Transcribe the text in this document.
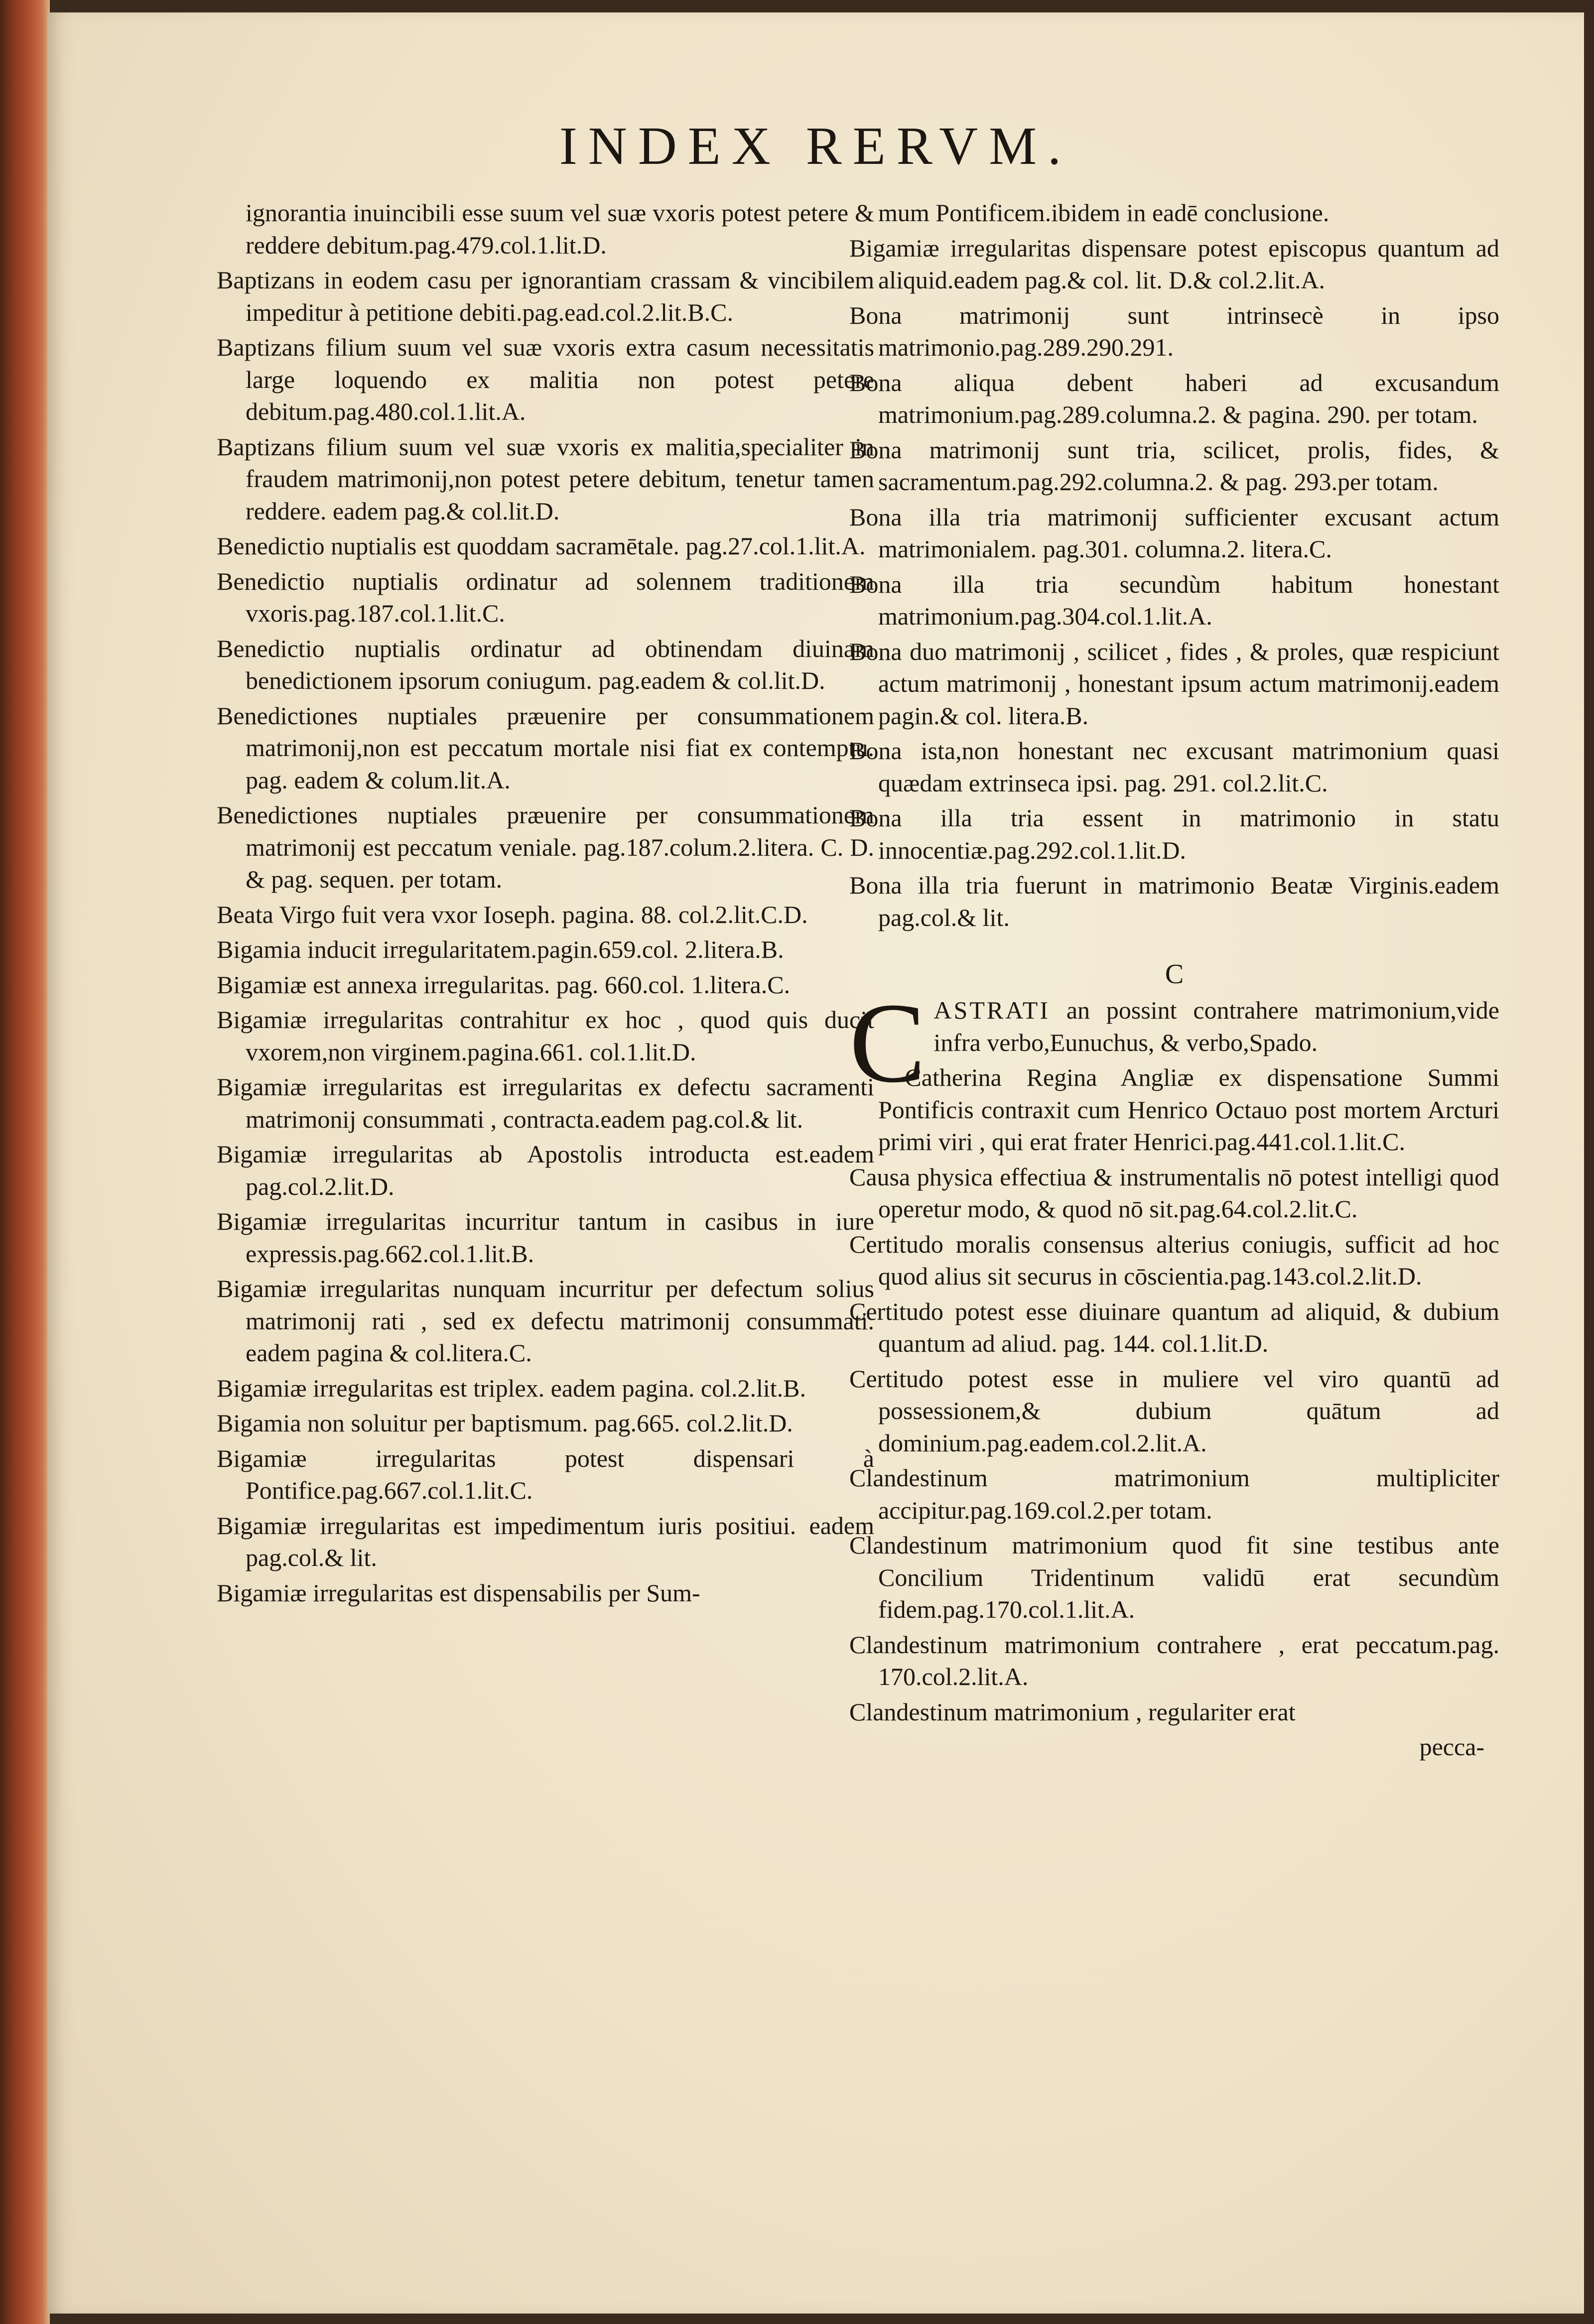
INDEX RERVM.
ignorantia inuincibili esse suum vel suæ vxoris potest petere & reddere debitum.pag.479.col.1.lit.D.
Baptizans in eodem casu per ignorantiam crassam & vincibilem impeditur à petitione debiti.pag.ead.col.2.lit.B.C.
Baptizans filium suum vel suæ vxoris extra casum necessitatis large loquendo ex malitia non potest petere debitum.pag.480.col.1.lit.A.
Baptizans filium suum vel suæ vxoris ex malitia,specialiter in fraudem matrimonij,non potest petere debitum, tenetur tamen reddere. eadem pag.& col.lit.D.
Benedictio nuptialis est quoddam sacramētale. pag.27.col.1.lit.A.
Benedictio nuptialis ordinatur ad solennem traditionem vxoris.pag.187.col.1.lit.C.
Benedictio nuptialis ordinatur ad obtinendam diuinam benedictionem ipsorum coniugum. pag.eadem & col.lit.D.
Benedictiones nuptiales præuenire per consummationem matrimonij,non est peccatum mortale nisi fiat ex contemptu. pag. eadem & colum.lit.A.
Benedictiones nuptiales præuenire per consummationem matrimonij est peccatum veniale. pag.187.colum.2.litera. C. D. & pag. sequen. per totam.
Beata Virgo fuit vera vxor Ioseph. pagina. 88. col.2.lit.C.D.
Bigamia inducit irregularitatem.pagin.659.col. 2.litera.B.
Bigamiæ est annexa irregularitas. pag. 660.col. 1.litera.C.
Bigamiæ irregularitas contrahitur ex hoc , quod quis ducit vxorem,non virginem.pagina.661. col.1.lit.D.
Bigamiæ irregularitas est irregularitas ex defectu sacramenti matrimonij consummati , contracta.eadem pag.col.& lit.
Bigamiæ irregularitas ab Apostolis introducta est.eadem pag.col.2.lit.D.
Bigamiæ irregularitas incurritur tantum in casibus in iure expressis.pag.662.col.1.lit.B.
Bigamiæ irregularitas nunquam incurritur per defectum solius matrimonij rati , sed ex defectu matrimonij consummati. eadem pagina & col.litera.C.
Bigamiæ irregularitas est triplex. eadem pagina. col.2.lit.B.
Bigamia non soluitur per baptismum. pag.665. col.2.lit.D.
Bigamiæ irregularitas potest dispensari à Pontifice.pag.667.col.1.lit.C.
Bigamiæ irregularitas est impedimentum iuris positiui. eadem pag.col.& lit.
Bigamiæ irregularitas est dispensabilis per Sum-
mum Pontificem.ibidem in eadē conclusione.
Bigamiæ irregularitas dispensare potest episcopus quantum ad aliquid.eadem pag.& col. lit. D.& col.2.lit.A.
Bona matrimonij sunt intrinsecè in ipso matrimonio.pag.289.290.291.
Bona aliqua debent haberi ad excusandum matrimonium.pag.289.columna.2. & pagina. 290. per totam.
Bona matrimonij sunt tria, scilicet, prolis, fides, & sacramentum.pag.292.columna.2. & pag. 293.per totam.
Bona illa tria matrimonij sufficienter excusant actum matrimonialem. pag.301. columna.2. litera.C.
Bona illa tria secundùm habitum honestant matrimonium.pag.304.col.1.lit.A.
Bona duo matrimonij , scilicet , fides , & proles, quæ respiciunt actum matrimonij , honestant ipsum actum matrimonij.eadem pagin.& col. litera.B.
Bona ista,non honestant nec excusant matrimonium quasi quædam extrinseca ipsi. pag. 291. col.2.lit.C.
Bona illa tria essent in matrimonio in statu innocentiæ.pag.292.col.1.lit.D.
Bona illa tria fuerunt in matrimonio Beatæ Virginis.eadem pag.col.& lit.
C
CASTRATI an possint contrahere matrimonium,vide infra verbo,Eunuchus, & verbo,Spado.
Catherina Regina Angliæ ex dispensatione Summi Pontificis contraxit cum Henrico Octauo post mortem Arcturi primi viri , qui erat frater Henrici.pag.441.col.1.lit.C.
Causa physica effectiua & instrumentalis nō potest intelligi quod operetur modo, & quod nō sit.pag.64.col.2.lit.C.
Certitudo moralis consensus alterius coniugis, sufficit ad hoc quod alius sit securus in cōscientia.pag.143.col.2.lit.D.
Certitudo potest esse diuinare quantum ad aliquid, & dubium quantum ad aliud. pag. 144. col.1.lit.D.
Certitudo potest esse in muliere vel viro quantū ad possessionem,& dubium quātum ad dominium.pag.eadem.col.2.lit.A.
Clandestinum matrimonium multipliciter accipitur.pag.169.col.2.per totam.
Clandestinum matrimonium quod fit sine testibus ante Concilium Tridentinum validū erat secundùm fidem.pag.170.col.1.lit.A.
Clandestinum matrimonium contrahere , erat peccatum.pag. 170.col.2.lit.A.
Clandestinum matrimonium , regulariter erat
pecca-
